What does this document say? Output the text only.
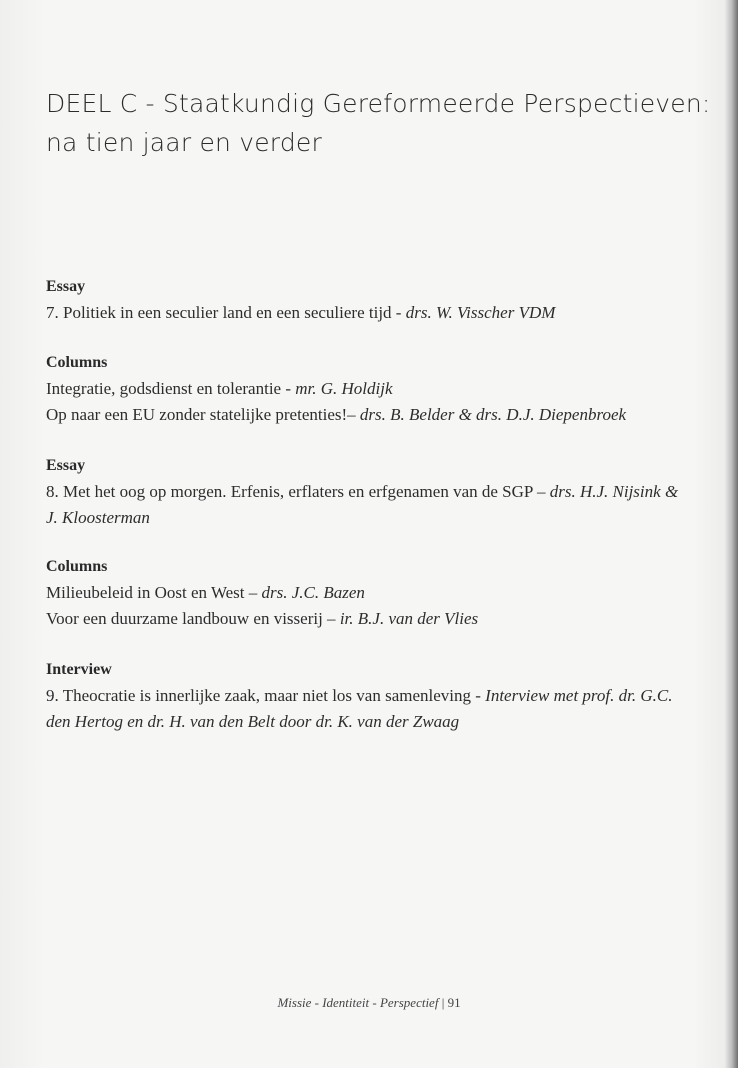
DEEL C - Staatkundig Gereformeerde Perspectieven:
na tien jaar en verder
Essay
7. Politiek in een seculier land en een seculiere tijd - drs. W. Visscher VDM
Columns
Integratie, godsdienst en tolerantie - mr. G. Holdijk
Op naar een EU zonder statelijke pretenties!– drs. B. Belder & drs. D.J. Diepenbroek
Essay
8. Met het oog op morgen. Erfenis, erflaters en erfgenamen van de SGP – drs. H.J. Nijsink & J. Kloosterman
Columns
Milieubeleid in Oost en West – drs. J.C. Bazen
Voor een duurzame landbouw en visserij – ir. B.J. van der Vlies
Interview
9. Theocratie is innerlijke zaak, maar niet los van samenleving - Interview met prof. dr. G.C. den Hertog en dr. H. van den Belt door dr. K. van der Zwaag
Missie - Identiteit - Perspectief | 91
